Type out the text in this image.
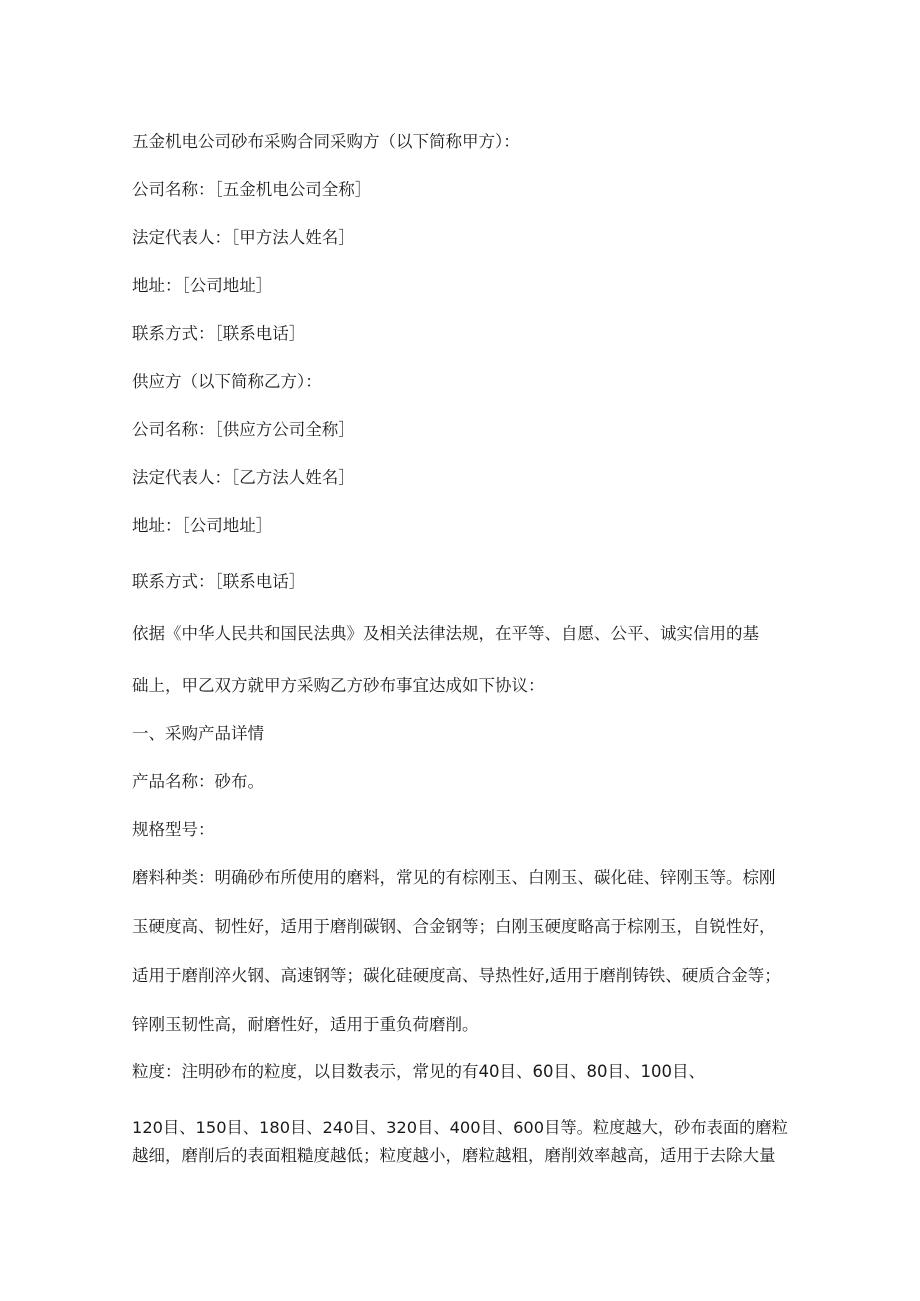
五金机电公司砂布采购合同采购方（以下简称甲方）：

公司名称：［五金机电公司全称］

法定代表人：［甲方法人姓名］

地址：［公司地址］

联系方式：［联系电话］

供应方（以下简称乙方）：

公司名称：［供应方公司全称］

法定代表人：［乙方法人姓名］

地址：［公司地址］

联系方式：［联系电话］

依据《中华人民共和国民法典》及相关法律法规，在平等、自愿、公平、诚实信用的基

础上，甲乙双方就甲方采购乙方砂布事宜达成如下协议：

一、采购产品详情

产品名称：砂布。

规格型号：

磨料种类：明确砂布所使用的磨料，常见的有棕刚玉、白刚玉、碳化硅、锌刚玉等。棕刚

玉硬度高、韧性好，适用于磨削碳钢、合金钢等；白刚玉硬度略高于棕刚玉，自锐性好，

适用于磨削淬火钢、高速钢等；碳化硅硬度高、导热性好,适用于磨削铸铁、硬质合金等；

锌刚玉韧性高，耐磨性好，适用于重负荷磨削。

粒度：注明砂布的粒度，以目数表示，常见的有40目、60目、80目、100目、

120目、150目、180目、240目、320目、400目、600目等。粒度越大，砂布表面的磨粒

越细，磨削后的表面粗糙度越低；粒度越小，磨粒越粗，磨削效率越高，适用于去除大量
